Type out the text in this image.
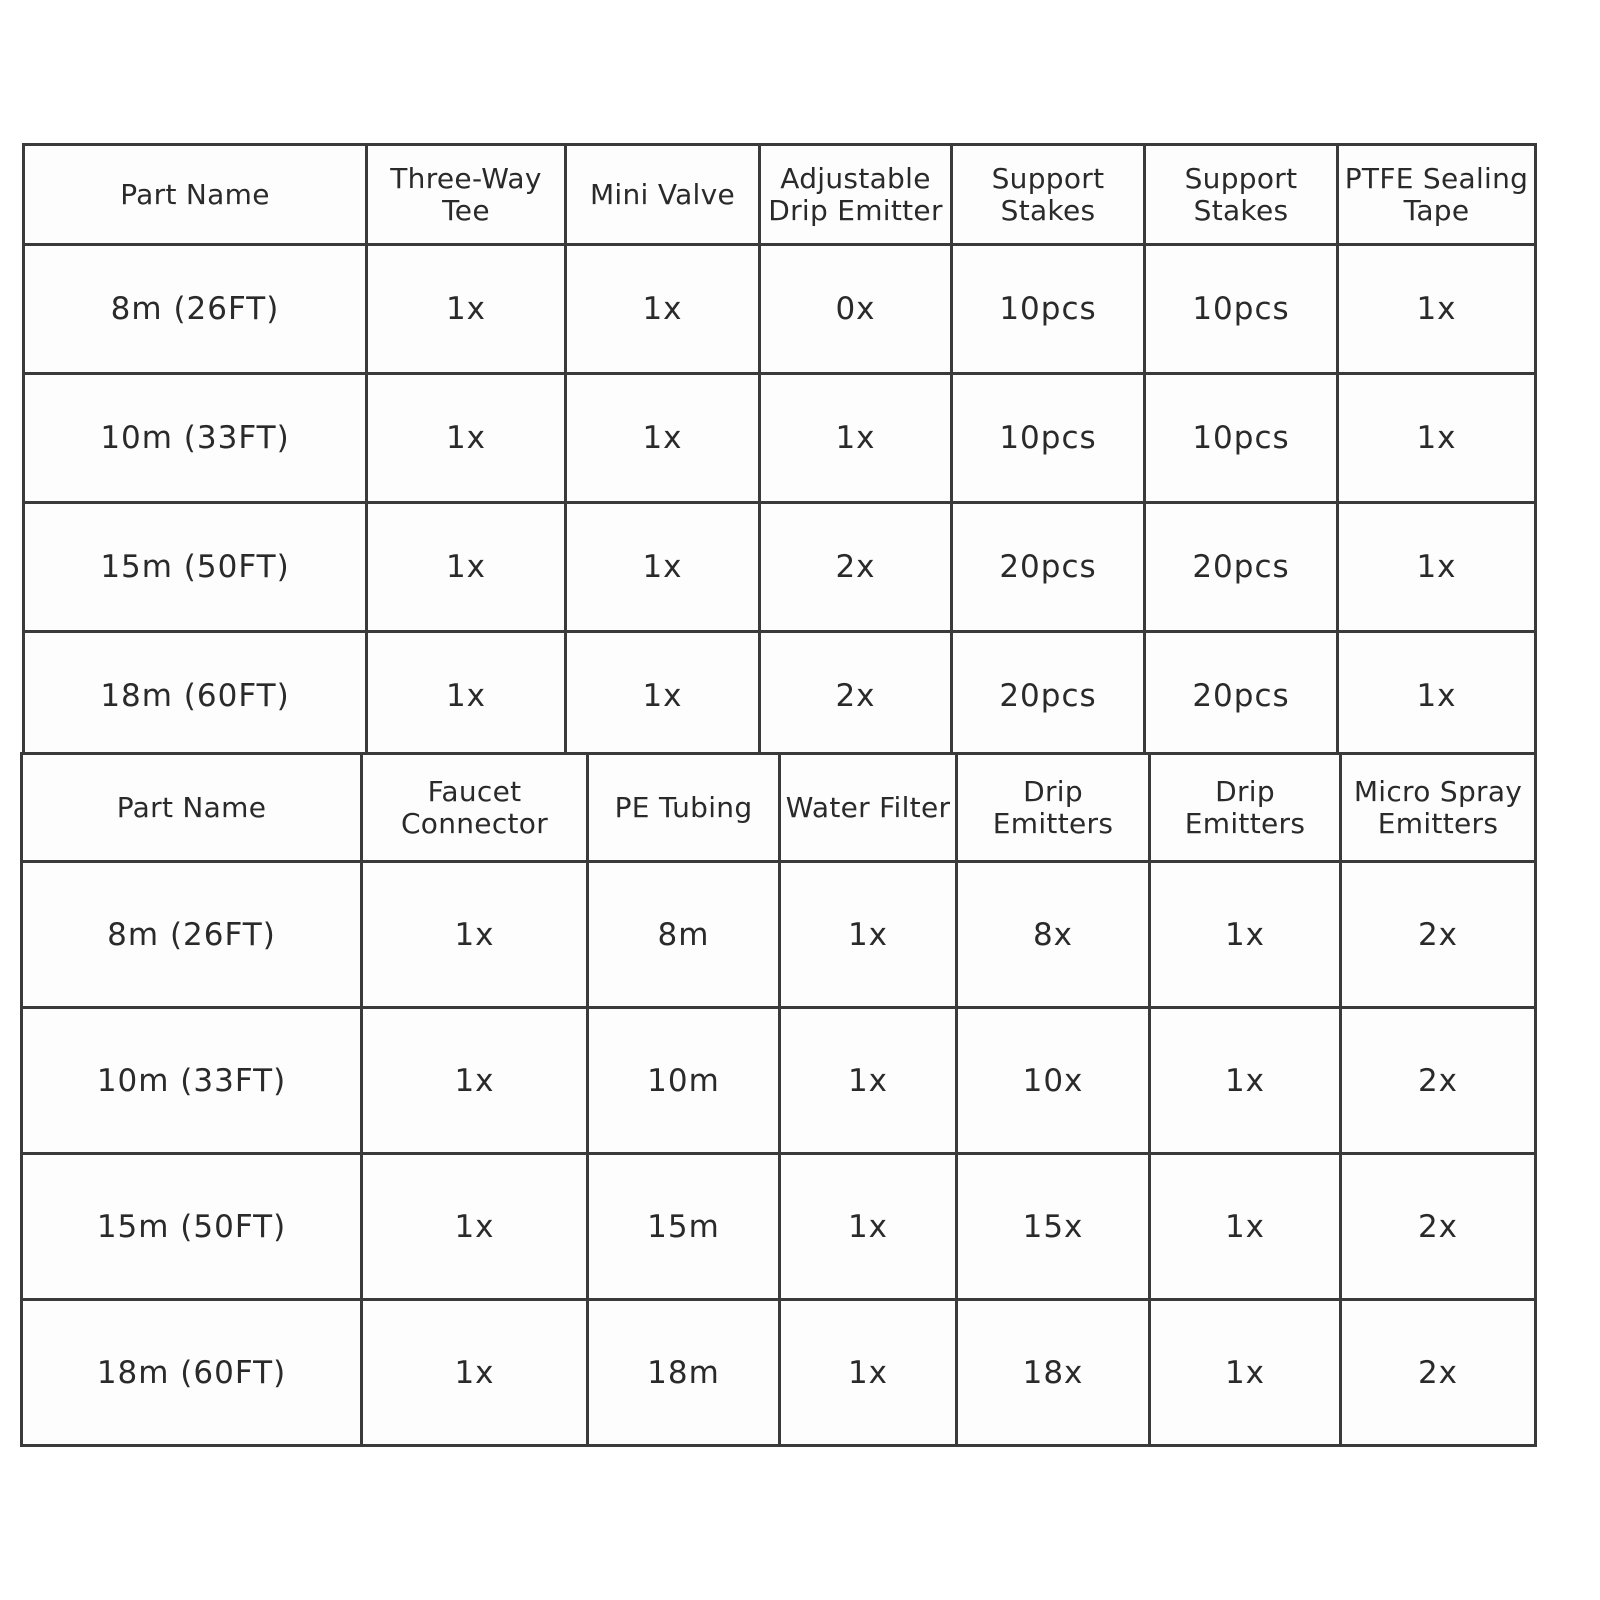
Part Name	Three-Way Tee	Mini Valve	Adjustable Drip Emitter	Support Stakes	Support Stakes	PTFE Sealing Tape
8m (26FT)	1x	1x	0x	10pcs	10pcs	1x
10m (33FT)	1x	1x	1x	10pcs	10pcs	1x
15m (50FT)	1x	1x	2x	20pcs	20pcs	1x
18m (60FT)	1x	1x	2x	20pcs	20pcs	1x
Part Name	Faucet Connector	PE Tubing	Water Filter	Drip Emitters	Drip Emitters	Micro Spray Emitters
8m (26FT)	1x	8m	1x	8x	1x	2x
10m (33FT)	1x	10m	1x	10x	1x	2x
15m (50FT)	1x	15m	1x	15x	1x	2x
18m (60FT)	1x	18m	1x	18x	1x	2x
